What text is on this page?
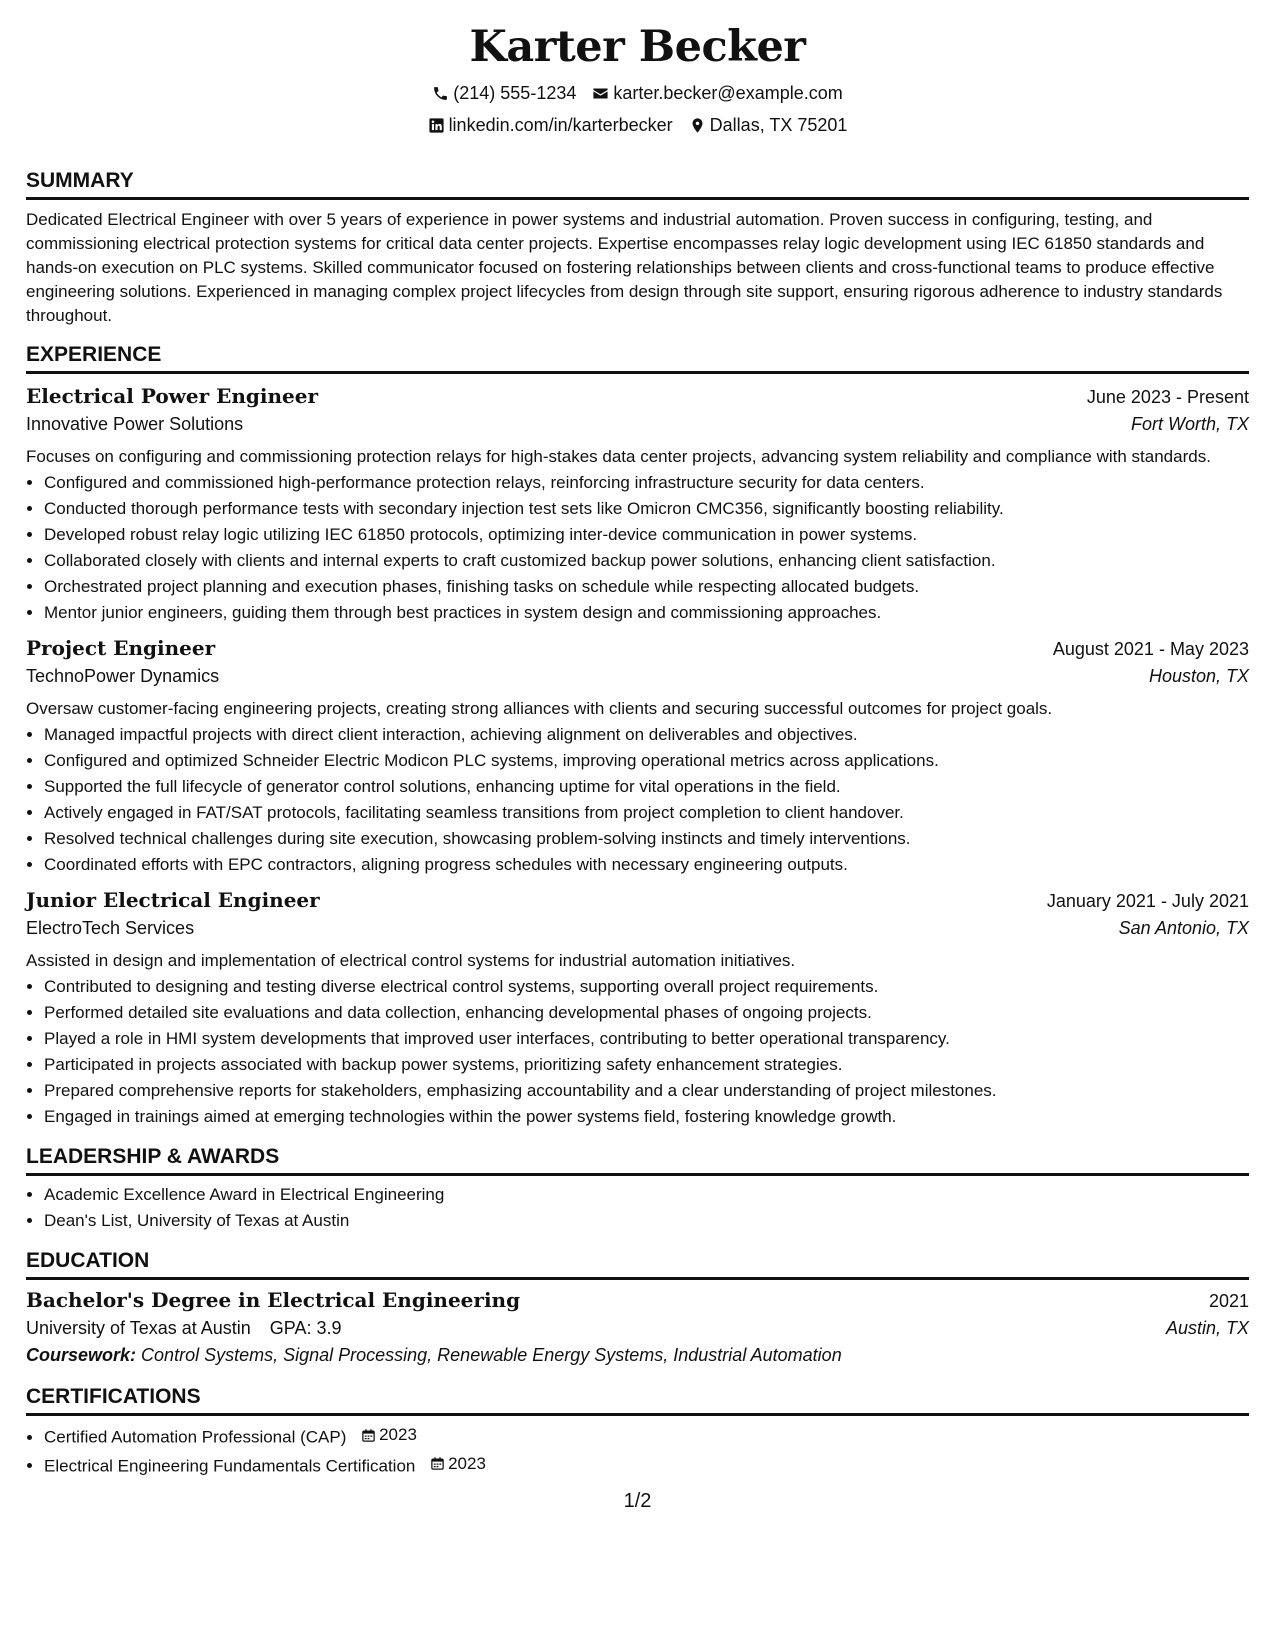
Karter Becker
(214) 555-1234 karter.becker@example.com
linkedin.com/in/karterbecker Dallas, TX 75201
SUMMARY

Dedicated Electrical Engineer with over 5 years of experience in power systems and industrial automation. Proven success in configuring, testing, and commissioning electrical protection systems for critical data center projects. Expertise encompasses relay logic development using IEC 61850 standards and hands-on execution on PLC systems. Skilled communicator focused on fostering relationships between clients and cross-functional teams to produce effective engineering solutions. Experienced in managing complex project lifecycles from design through site support, ensuring rigorous adherence to industry standards throughout.

EXPERIENCE
Electrical Power Engineer	June 2023 - Present
Innovative Power Solutions	Fort Worth, TX
Focuses on configuring and commissioning protection relays for high-stakes data center projects, advancing system reliability and compliance with standards.
• Configured and commissioned high-performance protection relays, reinforcing infrastructure security for data centers.
• Conducted thorough performance tests with secondary injection test sets like Omicron CMC356, significantly boosting reliability.
• Developed robust relay logic utilizing IEC 61850 protocols, optimizing inter-device communication in power systems.
• Collaborated closely with clients and internal experts to craft customized backup power solutions, enhancing client satisfaction.
• Orchestrated project planning and execution phases, finishing tasks on schedule while respecting allocated budgets.
• Mentor junior engineers, guiding them through best practices in system design and commissioning approaches.
Project Engineer	August 2021 - May 2023
TechnoPower Dynamics	Houston, TX
Oversaw customer-facing engineering projects, creating strong alliances with clients and securing successful outcomes for project goals.
• Managed impactful projects with direct client interaction, achieving alignment on deliverables and objectives.
• Configured and optimized Schneider Electric Modicon PLC systems, improving operational metrics across applications.
• Supported the full lifecycle of generator control solutions, enhancing uptime for vital operations in the field.
• Actively engaged in FAT/SAT protocols, facilitating seamless transitions from project completion to client handover.
• Resolved technical challenges during site execution, showcasing problem-solving instincts and timely interventions.
• Coordinated efforts with EPC contractors, aligning progress schedules with necessary engineering outputs.
Junior Electrical Engineer	January 2021 - July 2021
ElectroTech Services	San Antonio, TX
Assisted in design and implementation of electrical control systems for industrial automation initiatives.
• Contributed to designing and testing diverse electrical control systems, supporting overall project requirements.
• Performed detailed site evaluations and data collection, enhancing developmental phases of ongoing projects.
• Played a role in HMI system developments that improved user interfaces, contributing to better operational transparency.
• Participated in projects associated with backup power systems, prioritizing safety enhancement strategies.
• Prepared comprehensive reports for stakeholders, emphasizing accountability and a clear understanding of project milestones.
• Engaged in trainings aimed at emerging technologies within the power systems field, fostering knowledge growth.
LEADERSHIP & AWARDS
• Academic Excellence Award in Electrical Engineering
• Dean's List, University of Texas at Austin
EDUCATION
Bachelor's Degree in Electrical Engineering	2021
University of Texas at Austin GPA: 3.9	Austin, TX
Coursework: Control Systems, Signal Processing, Renewable Energy Systems, Industrial Automation
CERTIFICATIONS
• Certified Automation Professional (CAP) 2023
• Electrical Engineering Fundamentals Certification 2023
1/2
